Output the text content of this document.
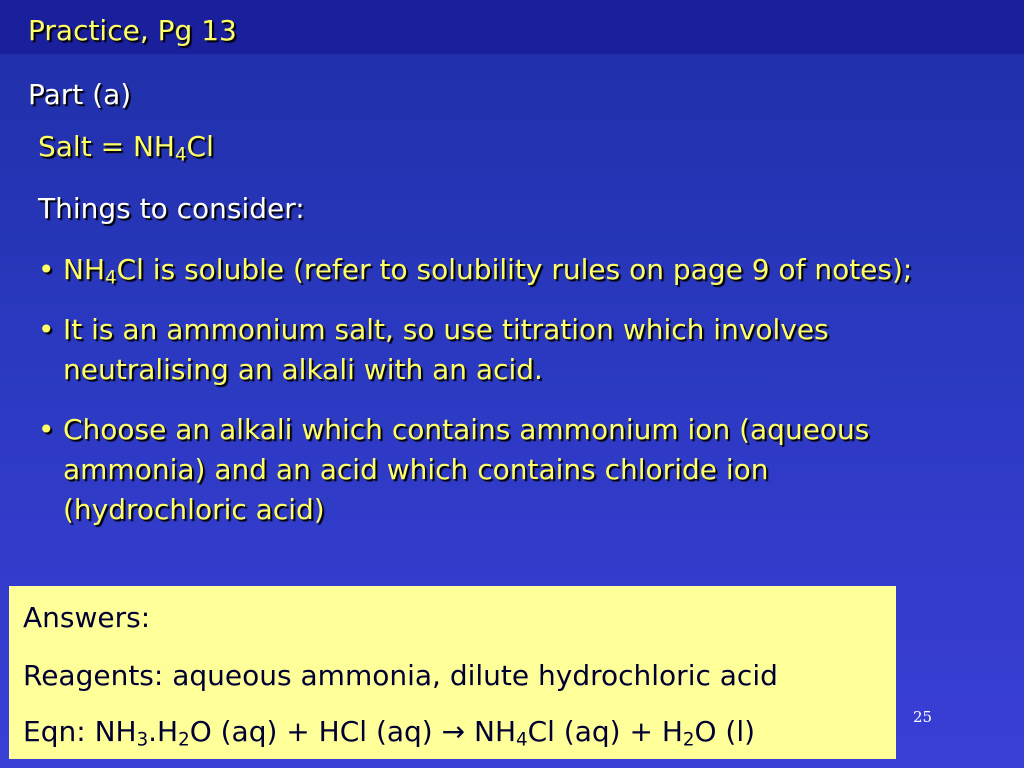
Practice, Pg 13
Part (a)
Salt = $NH_4Cl$
Things to consider:
• $NH_4Cl$ is soluble (refer to solubility rules on page 9 of notes);
• It is an ammonium salt, so use titration which involves neutralising an alkali with an acid.
• Choose an alkali which contains ammonium ion (aqueous ammonia) and an acid which contains chloride ion (hydrochloric acid)
Answers:
Reagents: aqueous ammonia, dilute hydrochloric acid
Eqn: $NH_3.H_2O$ (aq) + HCl $(aq) \to NH_4Cl$ $(aq) + H_2O$ (l)	25
